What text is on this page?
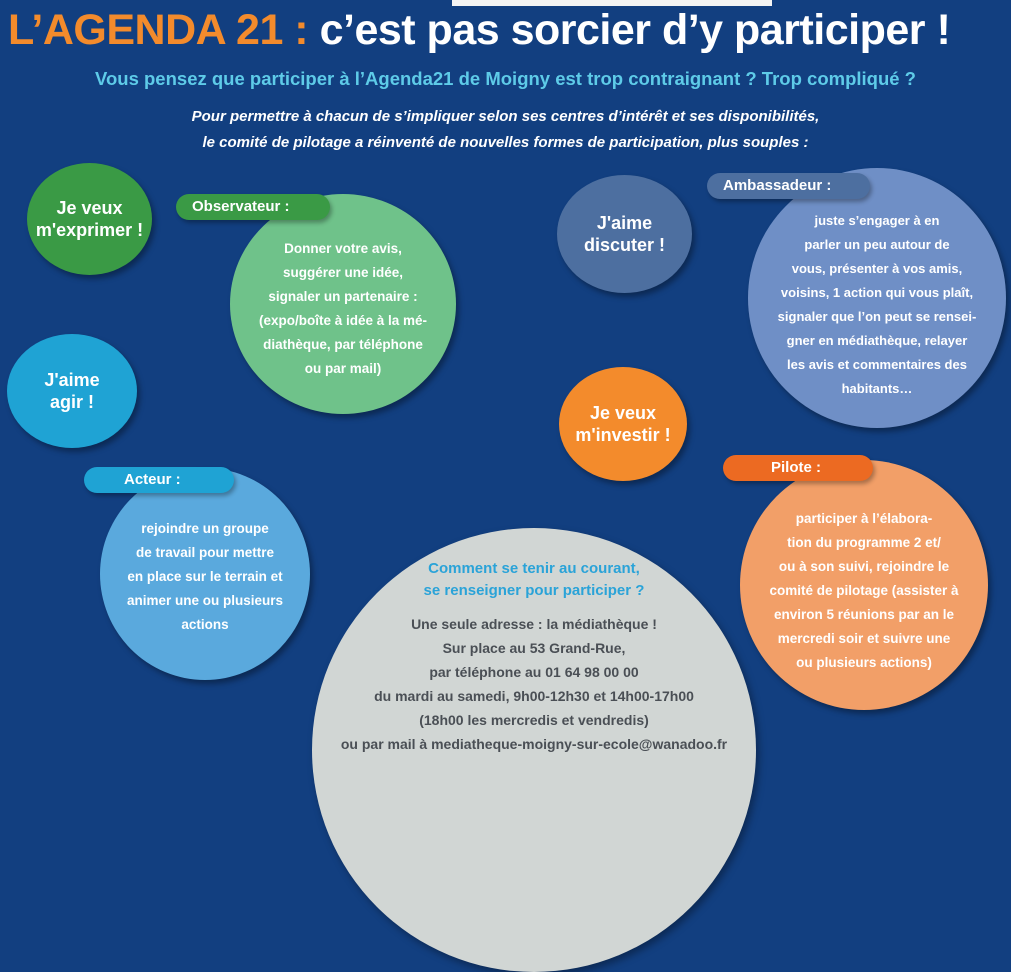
L’AGENDA 21 : c’est pas sorcier d’y participer !
Vous pensez que participer à l’Agenda21 de Moigny est trop contraignant ? Trop compliqué ?
Pour permettre à chacun de s’impliquer selon ses centres d’intérêt et ses disponibilités,
le comité de pilotage a réinventé de nouvelles formes de participation, plus souples :
Je veux
m'exprimer !
Donner votre avis,
suggérer une idée,
signaler un partenaire :
(expo/boîte à idée à la mé-
diathèque, par téléphone
ou par mail)
Observateur :
J'aime
agir !
rejoindre un groupe
de travail pour mettre
en place sur le terrain et
animer une ou plusieurs
actions
Acteur :
J'aime
discuter !
juste s’engager à en
parler un peu autour de
vous, présenter à vos amis,
voisins, 1 action qui vous plaît,
signaler que l’on peut se rensei-
gner en médiathèque, relayer
les avis et commentaires des
habitants…
Ambassadeur :
Je veux
m'investir !
participer à l’élabora-
tion du programme 2 et/
ou à son suivi, rejoindre le
comité de pilotage (assister à
environ 5 réunions par an le
mercredi soir et suivre une
ou plusieurs actions)
Pilote :
Comment se tenir au courant,
se renseigner pour participer ?
Une seule adresse : la médiathèque !
Sur place au 53 Grand-Rue,
par téléphone au 01 64 98 00 00
du mardi au samedi, 9h00-12h30 et 14h00-17h00
(18h00 les mercredis et vendredis)
ou par mail à mediatheque-moigny-sur-ecole@wanadoo.fr
